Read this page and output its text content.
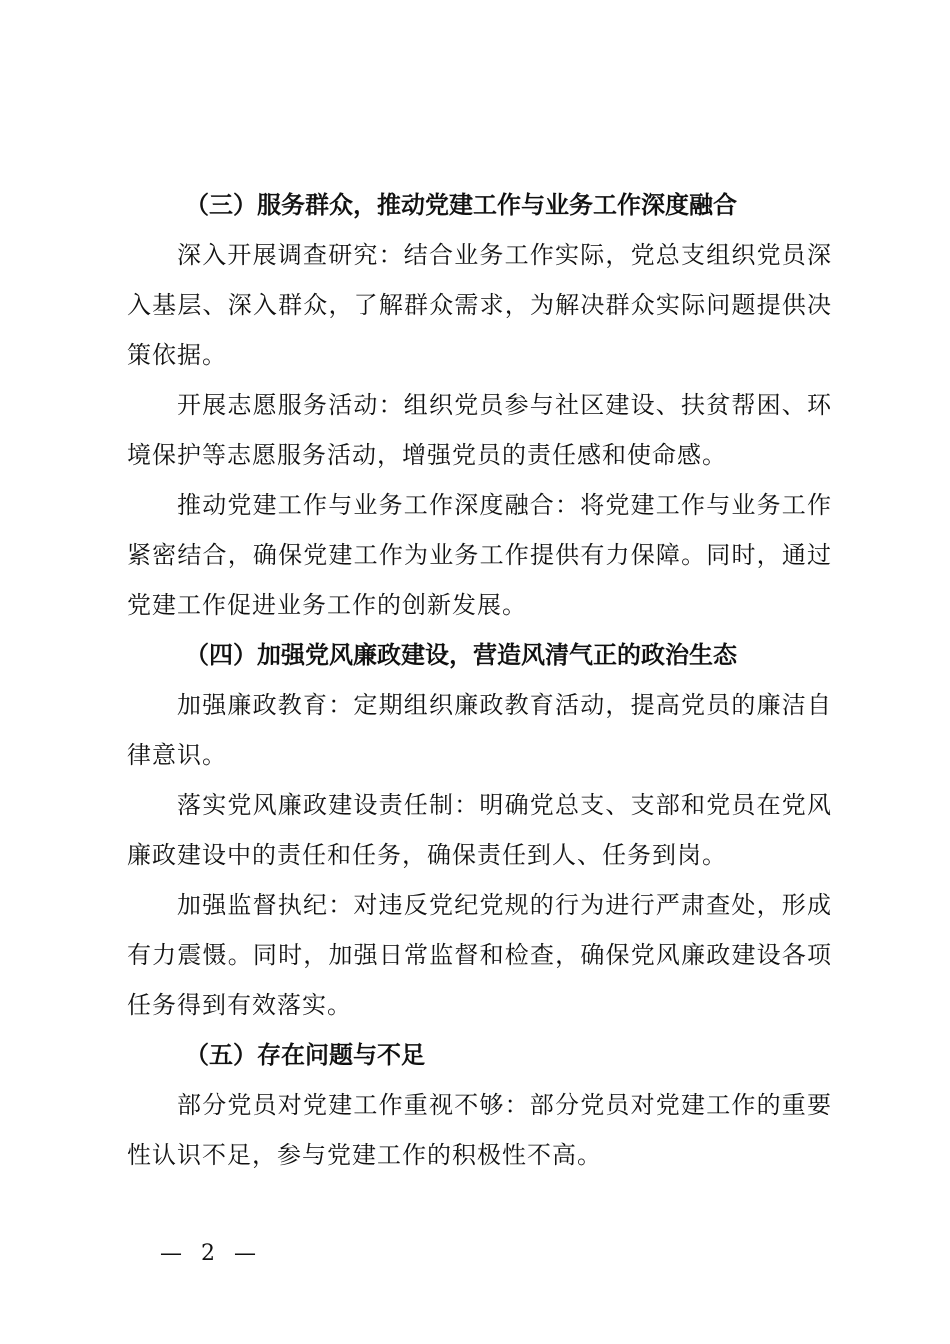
（三）服务群众，推动党建工作与业务工作深度融合

深入开展调查研究：结合业务工作实际，党总支组织党员深入基层、深入群众，了解群众需求，为解决群众实际问题提供决策依据。

开展志愿服务活动：组织党员参与社区建设、扶贫帮困、环境保护等志愿服务活动，增强党员的责任感和使命感。

推动党建工作与业务工作深度融合：将党建工作与业务工作紧密结合，确保党建工作为业务工作提供有力保障。同时，通过党建工作促进业务工作的创新发展。

（四）加强党风廉政建设，营造风清气正的政治生态

加强廉政教育：定期组织廉政教育活动，提高党员的廉洁自律意识。

落实党风廉政建设责任制：明确党总支、支部和党员在党风廉政建设中的责任和任务，确保责任到人、任务到岗。

加强监督执纪：对违反党纪党规的行为进行严肃查处，形成有力震慑。同时，加强日常监督和检查，确保党风廉政建设各项任务得到有效落实。

（五）存在问题与不足

部分党员对党建工作重视不够：部分党员对党建工作的重要性认识不足，参与党建工作的积极性不高。

— 2 —
